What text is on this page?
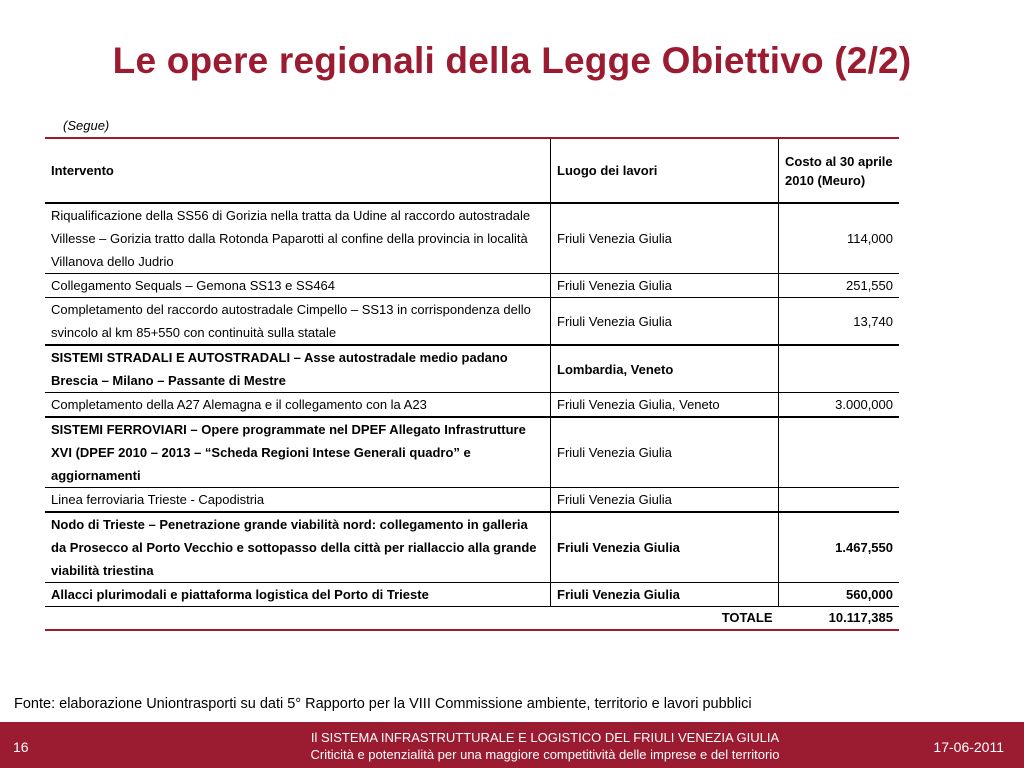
Le opere regionali della Legge Obiettivo (2/2)
(Segue)
Intervento	Luogo dei lavori	Costo al 30 aprile 2010 (Meuro)
Riqualificazione della SS56 di Gorizia nella tratta da Udine al raccordo autostradale Villesse – Gorizia tratto dalla Rotonda Paparotti al confine della provincia in località Villanova dello Judrio	Friuli Venezia Giulia	114,000
Collegamento Sequals – Gemona SS13 e SS464	Friuli Venezia Giulia	251,550
Completamento del raccordo autostradale Cimpello – SS13 in corrispondenza dello svincolo al km 85+550 con continuità sulla statale	Friuli Venezia Giulia	13,740
SISTEMI STRADALI E AUTOSTRADALI – Asse autostradale medio padano Brescia – Milano – Passante di Mestre	Lombardia, Veneto	
Completamento della A27 Alemagna e il collegamento con la A23	Friuli Venezia Giulia, Veneto	3.000,000
SISTEMI FERROVIARI – Opere programmate nel DPEF Allegato Infrastrutture XVI (DPEF 2010 – 2013 – “Scheda Regioni Intese Generali quadro” e aggiornamenti	Friuli Venezia Giulia	
Linea ferroviaria Trieste - Capodistria	Friuli Venezia Giulia	
Nodo di Trieste – Penetrazione grande viabilità nord: collegamento in galleria da Prosecco al Porto Vecchio e sottopasso della città per riallaccio alla grande viabilità triestina	Friuli Venezia Giulia	1.467,550
Allacci plurimodali e piattaforma logistica del Porto di Trieste	Friuli Venezia Giulia	560,000
TOTALE		10.117,385
Fonte: elaborazione Uniontrasporti su dati 5° Rapporto per la VIII Commissione ambiente, territorio e lavori pubblici
16
Il SISTEMA INFRASTRUTTURALE E LOGISTICO DEL FRIULI VENEZIA GIULIA
Criticità e potenzialità per una maggiore competitività delle imprese e del territorio	17-06-2011
